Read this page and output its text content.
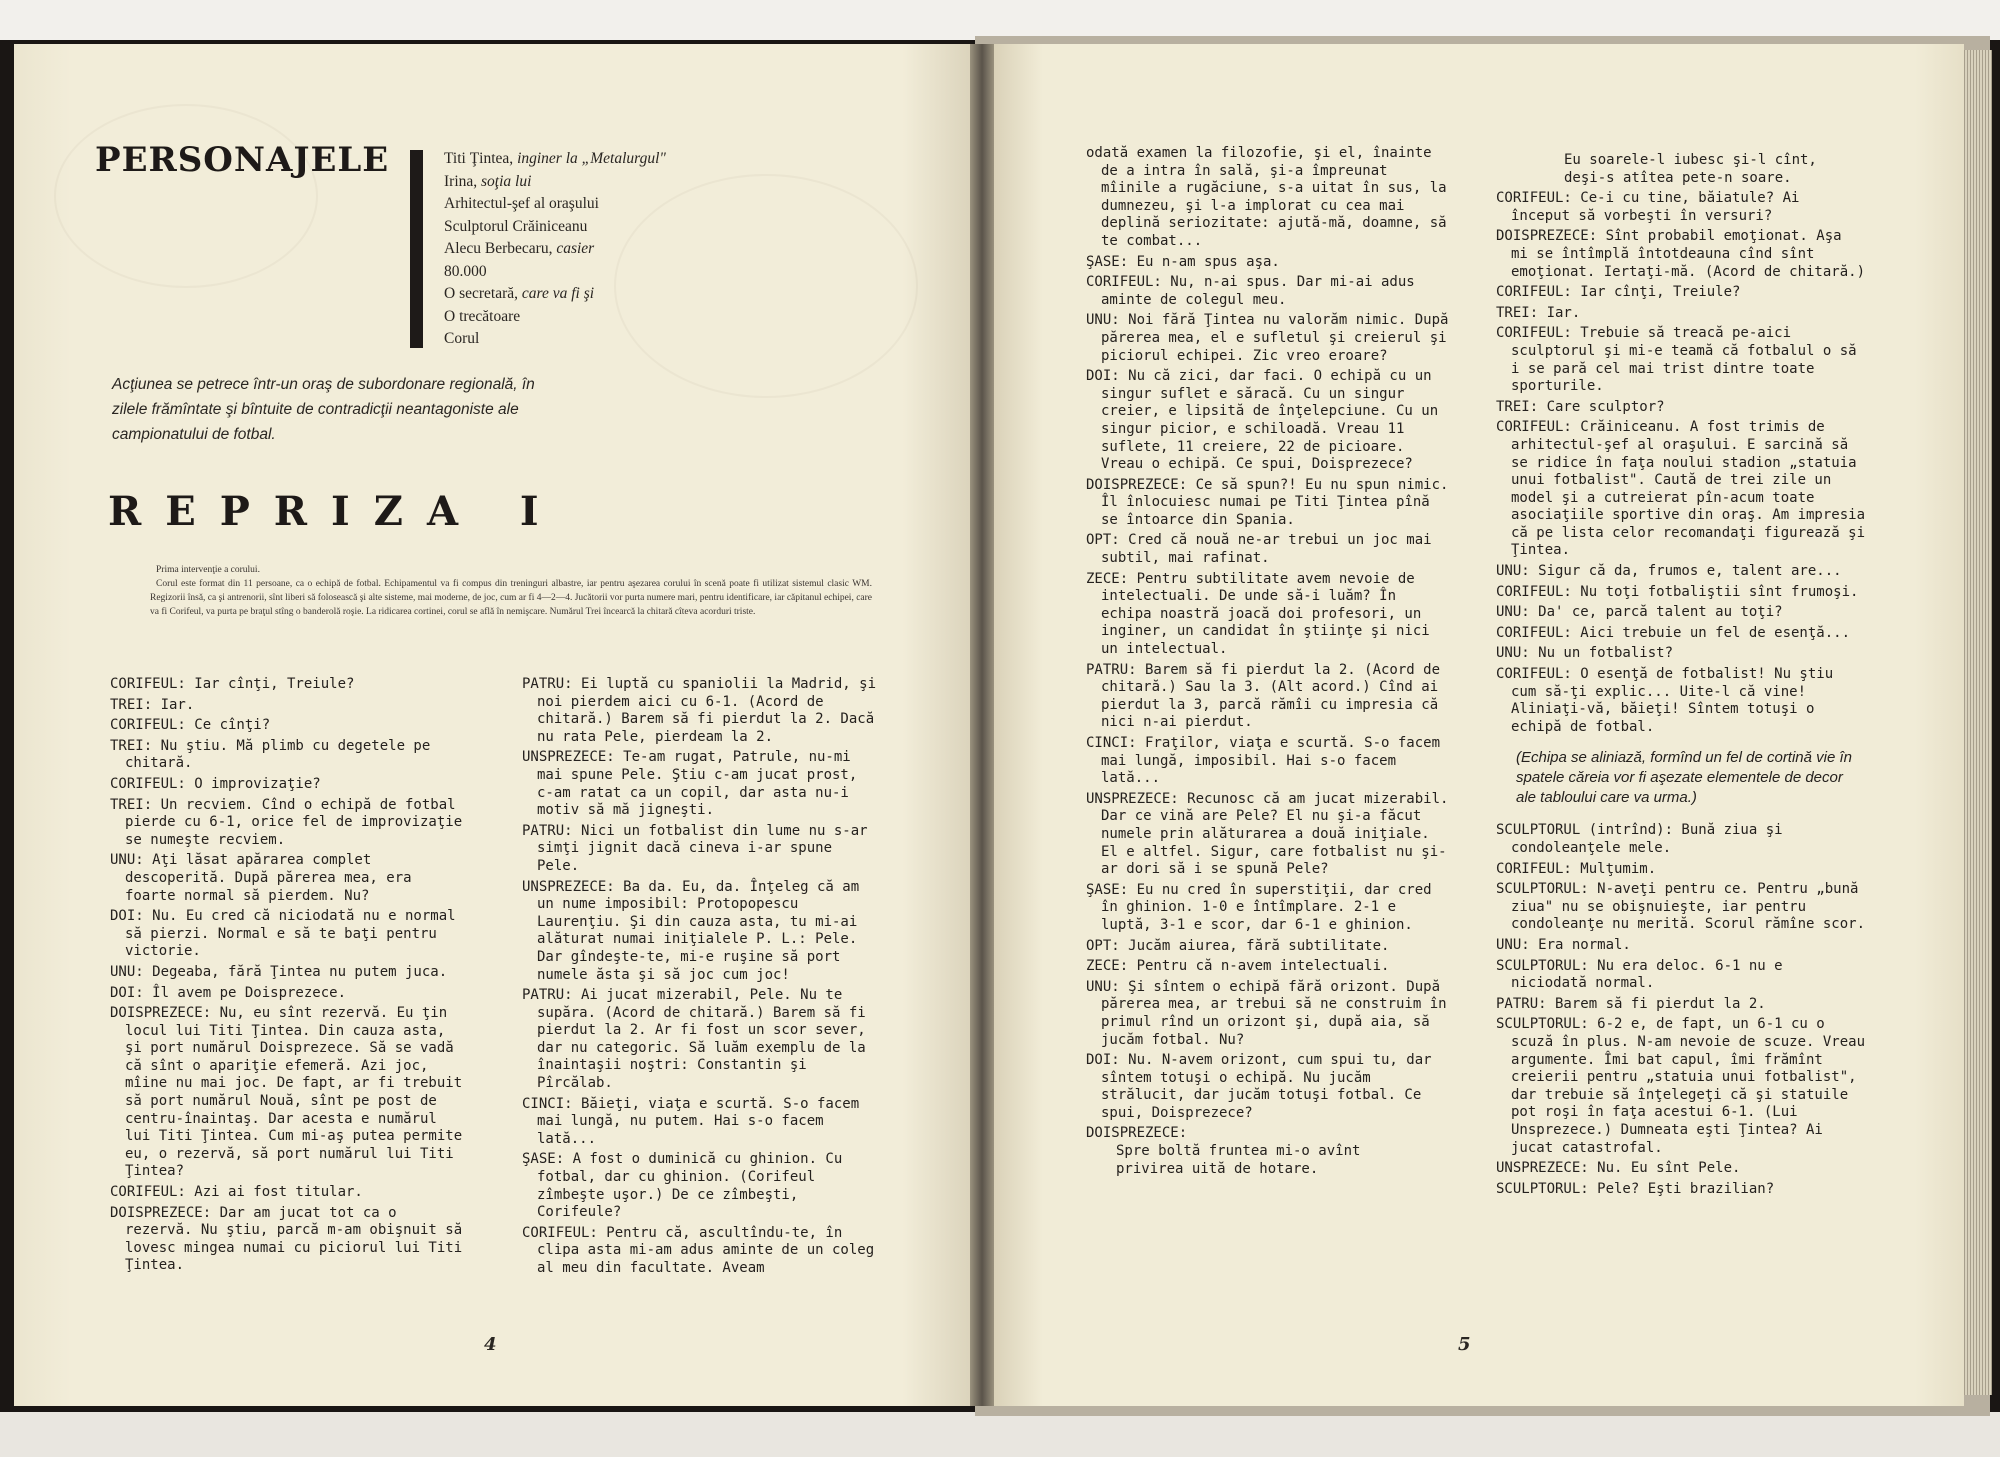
PERSONAJELE	Titi Ţintea, inginer la „Metalurgul"
Irina, soţia lui
Arhitectul-şef al oraşului
Sculptorul Crăiniceanu
Alecu Berbecaru, casier
80.000
O secretară, care va fi şi
O trecătoare
Corul
Acţiunea se petrece într-un oraş de subordonare regională, în zilele frămîntate şi bîntuite de contradicţii neantagoniste ale campionatului de fotbal.
REPRIZA I
Prima intervenţie a corului.
Corul este format din 11 persoane, ca o echipă de fotbal. Echipamentul va fi compus din treninguri albastre, iar pentru aşezarea corului în scenă poate fi utilizat sistemul clasic WM. Regizorii însă, ca şi antrenorii, sînt liberi să folosească şi alte sisteme, mai moderne, de joc, cum ar fi 4—2—4. Jucătorii vor purta numere mari, pentru identificare, iar căpitanul echipei, care va fi Corifeul, va purta pe braţul stîng o banderolă roşie. La ridicarea cortinei, corul se află în nemişcare. Numărul Trei încearcă la chitară cîteva acorduri triste.

CORIFEUL: Iar cînţi, Treiule?

TREI: Iar.

CORIFEUL: Ce cînţi?

TREI: Nu ştiu. Mă plimb cu degetele pe chitară.

CORIFEUL: O improvizaţie?

TREI: Un recviem. Cînd o echipă de fotbal pierde cu 6-1, orice fel de improvizaţie se numeşte recviem.

UNU: Aţi lăsat apărarea complet descoperită. După părerea mea, era foarte normal să pierdem. Nu?

DOI: Nu. Eu cred că niciodată nu e normal să pierzi. Normal e să te baţi pentru victorie.

UNU: Degeaba, fără Ţintea nu putem juca.

DOI: Îl avem pe Doisprezece.

DOISPREZECE: Nu, eu sînt rezervă. Eu ţin locul lui Titi Ţintea. Din cauza asta, şi port numărul Doisprezece. Să se vadă că sînt o apariţie efemeră. Azi joc, mîine nu mai joc. De fapt, ar fi trebuit să port numărul Nouă, sînt pe post de centru-înaintaş. Dar acesta e numărul lui Titi Ţintea. Cum mi-aş putea permite eu, o rezervă, să port numărul lui Titi Ţintea?

CORIFEUL: Azi ai fost titular.

DOISPREZECE: Dar am jucat tot ca o rezervă. Nu ştiu, parcă m-am obişnuit să lovesc mingea numai cu piciorul lui Titi Ţintea.

PATRU: Ei luptă cu spaniolii la Madrid, şi noi pierdem aici cu 6-1. (Acord de chitară.) Barem să fi pierdut la 2. Dacă nu rata Pele, pierdeam la 2.

UNSPREZECE: Te-am rugat, Patrule, nu-mi mai spune Pele. Ştiu c-am jucat prost, c-am ratat ca un copil, dar asta nu-i motiv să mă jigneşti.

PATRU: Nici un fotbalist din lume nu s-ar simţi jignit dacă cineva i-ar spune Pele.

UNSPREZECE: Ba da. Eu, da. Înţeleg că am un nume imposibil: Protopopescu Laurenţiu. Şi din cauza asta, tu mi-ai alăturat numai iniţialele P. L.: Pele. Dar gîndeşte-te, mi-e ruşine să port numele ăsta şi să joc cum joc!

PATRU: Ai jucat mizerabil, Pele. Nu te supăra. (Acord de chitară.) Barem să fi pierdut la 2. Ar fi fost un scor sever, dar nu categoric. Să luăm exemplu de la înaintaşii noştri: Constantin şi Pîrcălab.

CINCI: Băieţi, viaţa e scurtă. S-o facem mai lungă, nu putem. Hai s-o facem lată...

ŞASE: A fost o duminică cu ghinion. Cu fotbal, dar cu ghinion. (Corifeul zîmbeşte uşor.) De ce zîmbeşti, Corifeule?

CORIFEUL: Pentru că, ascultîndu-te, în clipa asta mi-am adus aminte de un coleg al meu din facultate. Aveam

4

odată examen la filozofie, şi el, înainte de a intra în sală, şi-a împreunat mîinile a rugăciune, s-a uitat în sus, la dumnezeu, şi l-a implorat cu cea mai deplină seriozitate: ajută-mă, doamne, să te combat...

ŞASE: Eu n-am spus aşa.

CORIFEUL: Nu, n-ai spus. Dar mi-ai adus aminte de colegul meu.

UNU: Noi fără Ţintea nu valorăm nimic. După părerea mea, el e sufletul şi creierul şi piciorul echipei. Zic vreo eroare?

DOI: Nu că zici, dar faci. O echipă cu un singur suflet e săracă. Cu un singur creier, e lipsită de înţelepciune. Cu un singur picior, e schiloadă. Vreau 11 suflete, 11 creiere, 22 de picioare. Vreau o echipă. Ce spui, Doisprezece?

DOISPREZECE: Ce să spun?! Eu nu spun nimic. Îl înlocuiesc numai pe Titi Ţintea pînă se întoarce din Spania.

OPT: Cred că nouă ne-ar trebui un joc mai subtil, mai rafinat.

ZECE: Pentru subtilitate avem nevoie de intelectuali. De unde să-i luăm? În echipa noastră joacă doi profesori, un inginer, un candidat în ştiinţe şi nici un intelectual.

PATRU: Barem să fi pierdut la 2. (Acord de chitară.) Sau la 3. (Alt acord.) Cînd ai pierdut la 3, parcă rămîi cu impresia că nici n-ai pierdut.

CINCI: Fraţilor, viaţa e scurtă. S-o facem mai lungă, imposibil. Hai s-o facem lată...

UNSPREZECE: Recunosc că am jucat mizerabil. Dar ce vină are Pele? El nu şi-a făcut numele prin alăturarea a două iniţiale. El e altfel. Sigur, care fotbalist nu şi-ar dori să i se spună Pele?

ŞASE: Eu nu cred în superstiţii, dar cred în ghinion. 1-0 e întîmplare. 2-1 e luptă, 3-1 e scor, dar 6-1 e ghinion.

OPT: Jucăm aiurea, fără subtilitate.

ZECE: Pentru că n-avem intelectuali.

UNU: Şi sîntem o echipă fără orizont. După părerea mea, ar trebui să ne construim în primul rînd un orizont şi, după aia, să jucăm fotbal. Nu?

DOI: Nu. N-avem orizont, cum spui tu, dar sîntem totuşi o echipă. Nu jucăm strălucit, dar jucăm totuşi fotbal. Ce spui, Doisprezece?

DOISPREZECE:

Spre boltă fruntea mi-o avînt

privirea uită de hotare.

Eu soarele-l iubesc şi-l cînt,

deşi-s atîtea pete-n soare.

CORIFEUL: Ce-i cu tine, băiatule? Ai început să vorbeşti în versuri?

DOISPREZECE: Sînt probabil emoţionat. Aşa mi se întîmplă întotdeauna cînd sînt emoţionat. Iertaţi-mă. (Acord de chitară.)

CORIFEUL: Iar cînţi, Treiule?

TREI: Iar.

CORIFEUL: Trebuie să treacă pe-aici sculptorul şi mi-e teamă că fotbalul o să i se pară cel mai trist dintre toate sporturile.

TREI: Care sculptor?

CORIFEUL: Crăiniceanu. A fost trimis de arhitectul-şef al oraşului. E sarcină să se ridice în faţa noului stadion „statuia unui fotbalist". Caută de trei zile un model şi a cutreierat pîn-acum toate asociaţiile sportive din oraş. Am impresia că pe lista celor recomandaţi figurează şi Ţintea.

UNU: Sigur că da, frumos e, talent are...

CORIFEUL: Nu toţi fotbaliştii sînt frumoşi.

UNU: Da' ce, parcă talent au toţi?

CORIFEUL: Aici trebuie un fel de esenţă...

UNU: Nu un fotbalist?

CORIFEUL: O esenţă de fotbalist! Nu ştiu cum să-ţi explic... Uite-l că vine! Aliniaţi-vă, băieţi! Sîntem totuşi o echipă de fotbal.

(Echipa se aliniază, formînd un fel de cortină vie în spatele căreia vor fi aşezate elementele de decor ale tabloului care va urma.)

SCULPTORUL (intrînd): Bună ziua şi condoleanţele mele.

CORIFEUL: Mulţumim.

SCULPTORUL: N-aveţi pentru ce. Pentru „bună ziua" nu se obişnuieşte, iar pentru condoleanţe nu merită. Scorul rămîne scor.

UNU: Era normal.

SCULPTORUL: Nu era deloc. 6-1 nu e niciodată normal.

PATRU: Barem să fi pierdut la 2.

SCULPTORUL: 6-2 e, de fapt, un 6-1 cu o scuză în plus. N-am nevoie de scuze. Vreau argumente. Îmi bat capul, îmi frămînt creierii pentru „statuia unui fotbalist", dar trebuie să înţelegeţi că şi statuile pot roşi în faţa acestui 6-1. (Lui Unsprezece.) Dumneata eşti Ţintea? Ai jucat catastrofal.

UNSPREZECE: Nu. Eu sînt Pele.

SCULPTORUL: Pele? Eşti brazilian?

5
